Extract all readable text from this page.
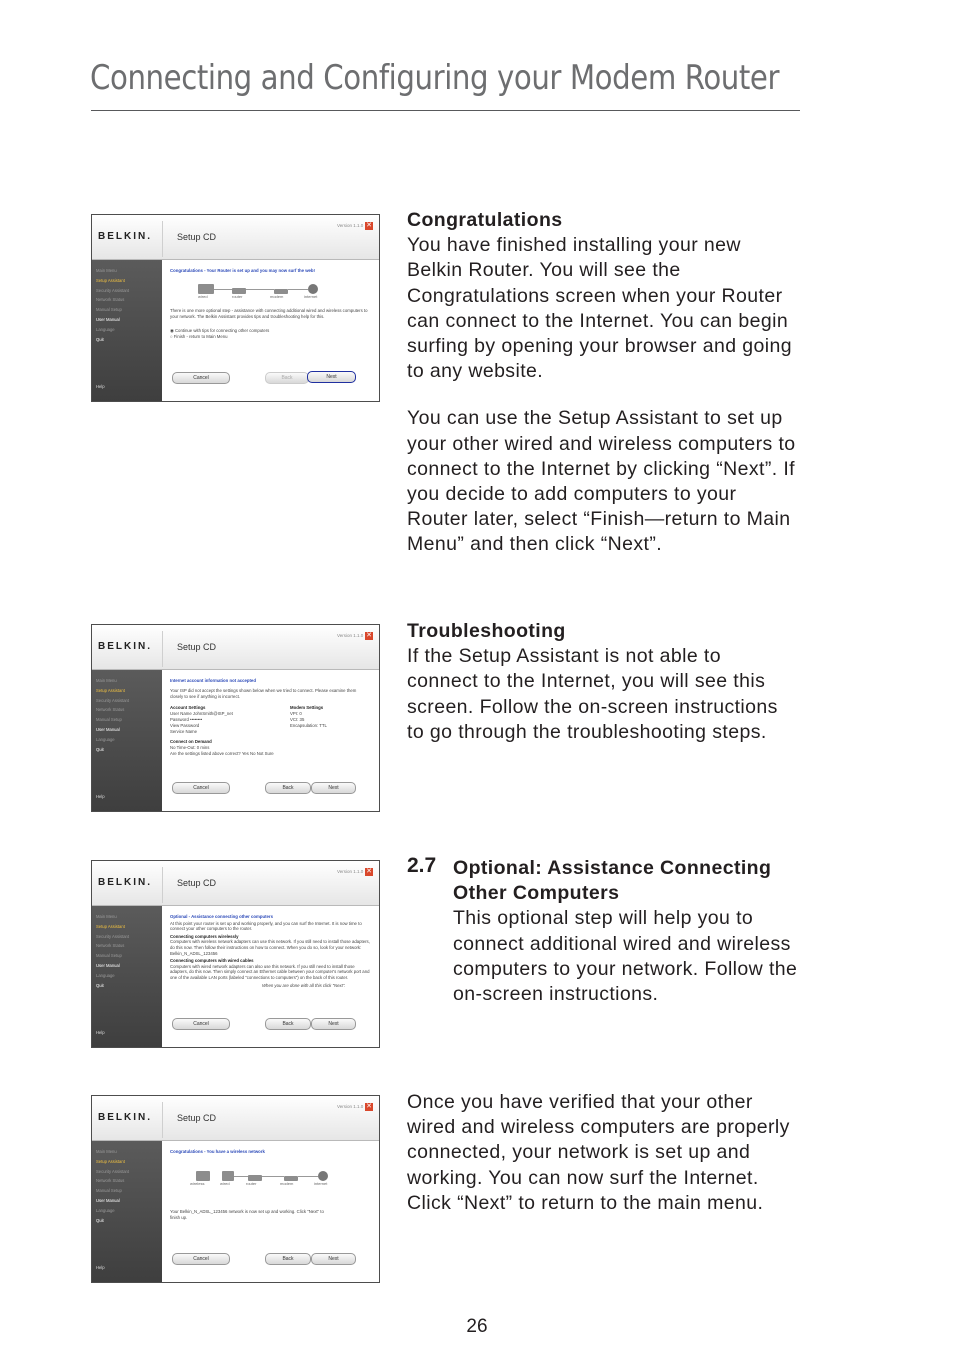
Connecting and Configuring your Modem Router
BELKIN.	Setup CD
Version 1.1.0 ✕
Main Menu
Setup Assistant
Security Assistant
Network Status
Manual Setup
User Manual
Language
Quit
Help
Congratulations - Your Router is set up and you may now surf the web!
wired	router	modem	internet
There is one more optional step - assistance with connecting additional wired and wireless computers to your network. The Belkin Assistant provides tips and troubleshooting help for this.
◉ Continue with tips for connecting other computers
○ Finish - return to Main Menu
Cancel	Back	Next
BELKIN.	Setup CD
Version 1.1.0 ✕
Main Menu
Setup Assistant
Security Assistant
Network Status
Manual Setup
User Manual
Language
Quit
Help
Internet account information not accepted
Your ISP did not accept the settings shown below when we tried to connect. Please examine them closely to see if anything is incorrect.
Account Settings
User Name JohnSmith@ISP_net
Password ••••••••
View Password
Service Name
Modem Settings
VPI: 0
VCI: 35
Encapsulation: TTL
Connect on Demand
No Time-Out: 0 mins
Are the settings listed above correct? Yes No Not Sure
Cancel	Back	Next
BELKIN.	Setup CD
Version 1.1.0 ✕
Main Menu
Setup Assistant
Security Assistant
Network Status
Manual Setup
User Manual
Language
Quit
Help
Optional - Assistance connecting other computers
At this point your router is set up and working properly, and you can surf the Internet. It is now time to connect your other computers to the router.
Connecting computers wirelessly
Computers with wireless network adapters can use this network. If you still need to install those adapters, do this now. Then follow their instructions on how to connect. When you do so, look for your network: Belkin_N_ADSL_123456
Connecting computers with wired cables
Computers with wired network adapters can also use this network. If you still need to install those adapters, do this now. Then simply connect an Ethernet cable between your computer's network port and one of the available LAN ports (labeled "connections to computers") on the back of this router.
When you are done with all this click "Next".
Cancel	Back	Next
BELKIN.	Setup CD
Version 1.1.0 ✕
Main Menu
Setup Assistant
Security Assistant
Network Status
Manual Setup
User Manual
Language
Quit
Help
Congratulations - You have a wireless network
wireless	wired	router	modem	internet
Your Belkin_N_ADSL_123456 network is now set up and working. Click "Next" to finish up.
Cancel	Back	Next

Congratulations

You have finished installing your new Belkin Router. You will see the Congratulations screen when your Router can connect to the Internet. You can begin surfing by opening your browser and going to any website.

You can use the Setup Assistant to set up your other wired and wireless computers to connect to the Internet by clicking “Next”. If you decide to add computers to your Router later, select “Finish—return to Main Menu” and then click “Next”.

Troubleshooting

If the Setup Assistant is not able to connect to the Internet, you will see this screen. Follow the on-screen instructions to go through the troubleshooting steps.

2.7 Optional: Assistance Connecting Other Computers

This optional step will help you to connect additional wired and wireless computers to your network. Follow the on-screen instructions.

Once you have verified that your other wired and wireless computers are properly connected, your network is set up and working. You can now surf the Internet. Click “Next” to return to the main menu.

26
